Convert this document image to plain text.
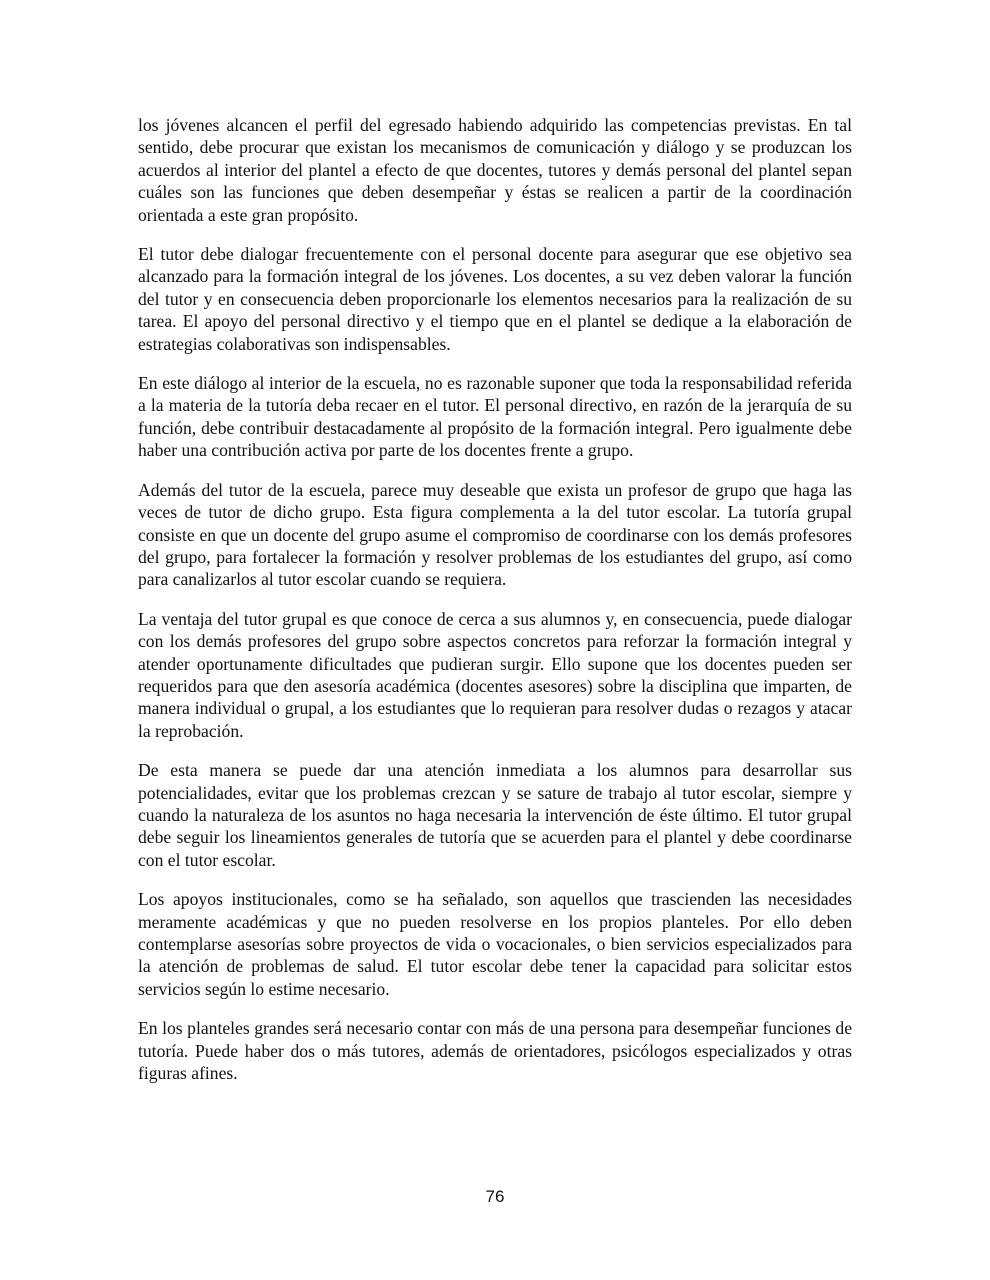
los jóvenes alcancen el perfil del egresado habiendo adquirido las competencias previstas. En tal sentido, debe procurar que existan los mecanismos de comunicación y diálogo y se produzcan los acuerdos al interior del plantel a efecto de que docentes, tutores y demás personal del plantel sepan cuáles son las funciones que deben desempeñar y éstas se realicen a partir de la coordinación orientada a este gran propósito.

El tutor debe dialogar frecuentemente con el personal docente para asegurar que ese objetivo sea alcanzado para la formación integral de los jóvenes. Los docentes, a su vez deben valorar la función del tutor y en consecuencia deben proporcionarle los elementos necesarios para la realización de su tarea. El apoyo del personal directivo y el tiempo que en el plantel se dedique a la elaboración de estrategias colaborativas son indispensables.

En este diálogo al interior de la escuela, no es razonable suponer que toda la responsabilidad referida a la materia de la tutoría deba recaer en el tutor. El personal directivo, en razón de la jerarquía de su función, debe contribuir destacadamente al propósito de la formación integral. Pero igualmente debe haber una contribución activa por parte de los docentes frente a grupo.

Además del tutor de la escuela, parece muy deseable que exista un profesor de grupo que haga las veces de tutor de dicho grupo. Esta figura complementa a la del tutor escolar. La tutoría grupal consiste en que un docente del grupo asume el compromiso de coordinarse con los demás profesores del grupo, para fortalecer la formación y resolver problemas de los estudiantes del grupo, así como para canalizarlos al tutor escolar cuando se requiera.

La ventaja del tutor grupal es que conoce de cerca a sus alumnos y, en consecuencia, puede dialogar con los demás profesores del grupo sobre aspectos concretos para reforzar la formación integral y atender oportunamente dificultades que pudieran surgir. Ello supone que los docentes pueden ser requeridos para que den asesoría académica (docentes asesores) sobre la disciplina que imparten, de manera individual o grupal, a los estudiantes que lo requieran para resolver dudas o rezagos y atacar la reprobación.

De esta manera se puede dar una atención inmediata a los alumnos para desarrollar sus potencialidades, evitar que los problemas crezcan y se sature de trabajo al tutor escolar, siempre y cuando la naturaleza de los asuntos no haga necesaria la intervención de éste último. El tutor grupal debe seguir los lineamientos generales de tutoría que se acuerden para el plantel y debe coordinarse con el tutor escolar.

Los apoyos institucionales, como se ha señalado, son aquellos que trascienden las necesidades meramente académicas y que no pueden resolverse en los propios planteles. Por ello deben contemplarse asesorías sobre proyectos de vida o vocacionales, o bien servicios especializados para la atención de problemas de salud. El tutor escolar debe tener la capacidad para solicitar estos servicios según lo estime necesario.

En los planteles grandes será necesario contar con más de una persona para desempeñar funciones de tutoría. Puede haber dos o más tutores, además de orientadores, psicólogos especializados y otras figuras afines.

76
